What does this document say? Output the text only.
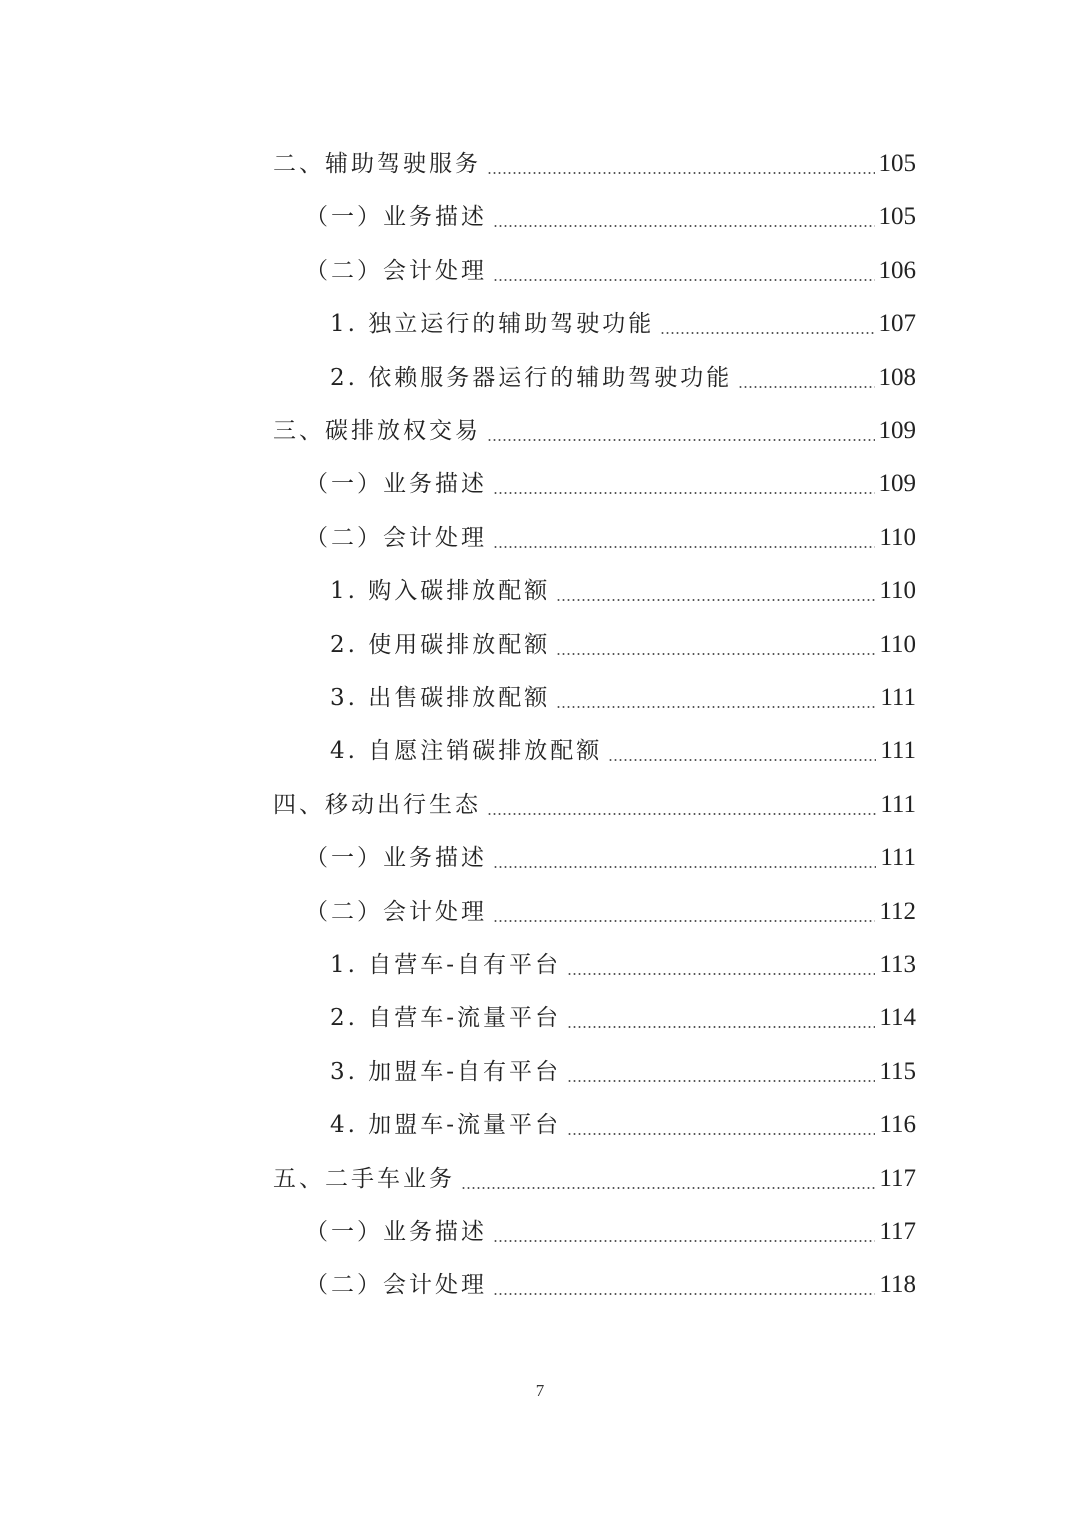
二、辅助驾驶服务	105
（一）业务描述	105
（二）会计处理	106
1. 独立运行的辅助驾驶功能	107
2. 依赖服务器运行的辅助驾驶功能	108
三、碳排放权交易	109
（一）业务描述	109
（二）会计处理	110
1. 购入碳排放配额	110
2. 使用碳排放配额	110
3. 出售碳排放配额	111
4. 自愿注销碳排放配额	111
四、移动出行生态	111
（一）业务描述	111
（二）会计处理	112
1. 自营车-自有平台	113
2. 自营车-流量平台	114
3. 加盟车-自有平台	115
4. 加盟车-流量平台	116
五、二手车业务	117
（一）业务描述	117
（二）会计处理	118
7
